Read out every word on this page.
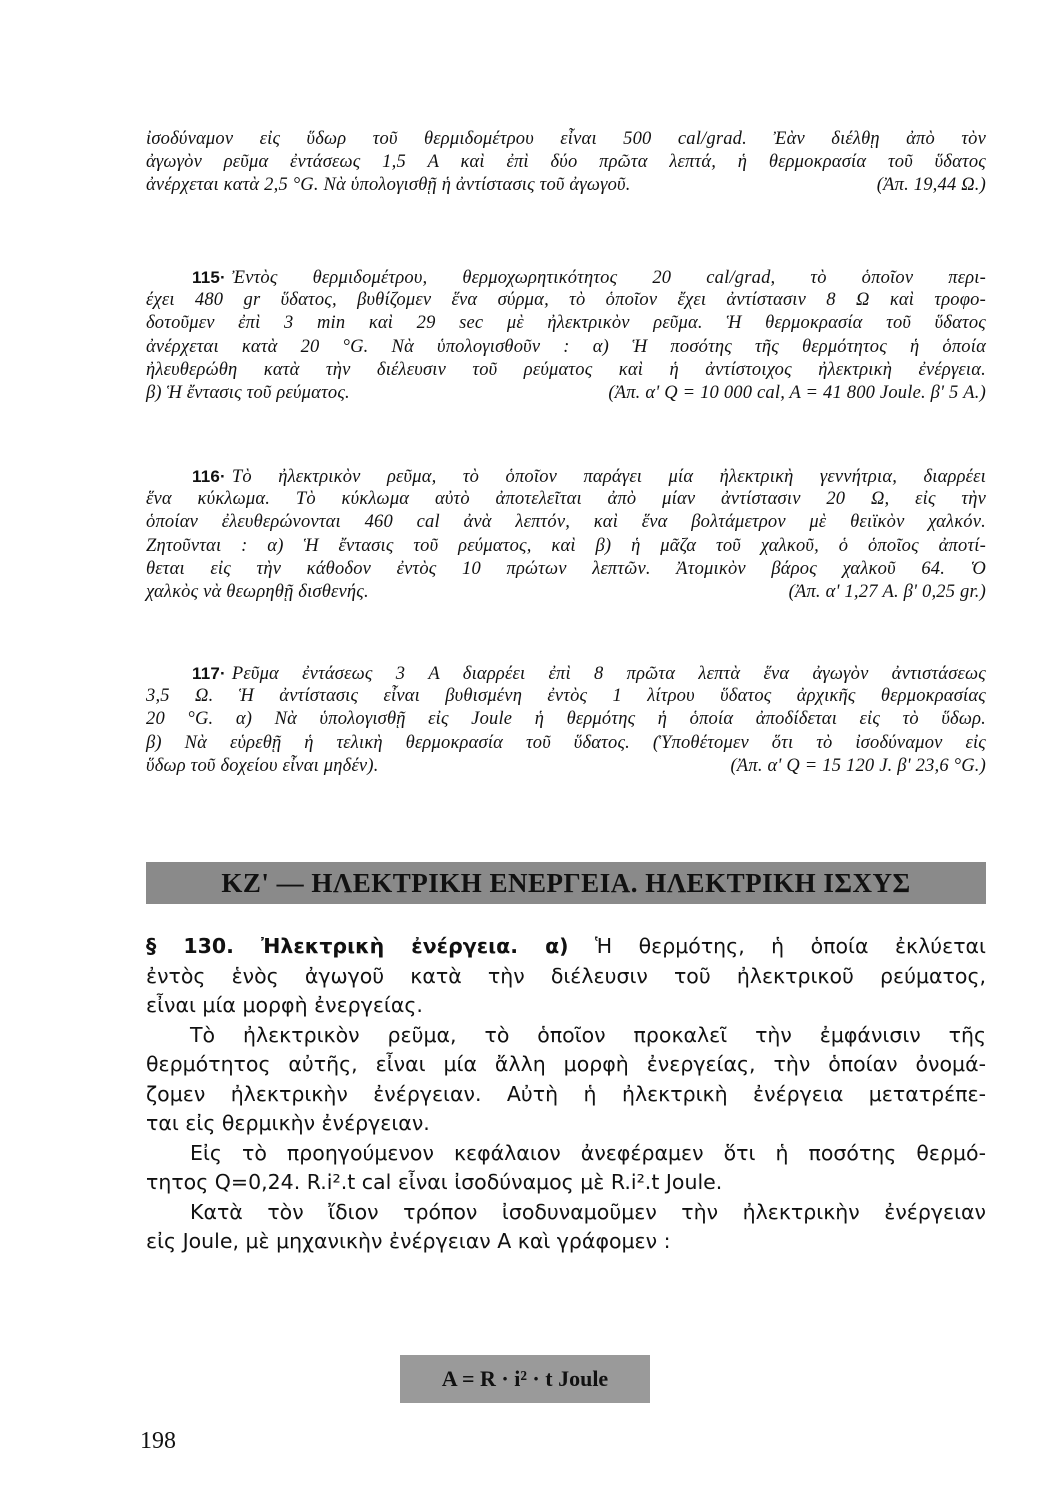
ἰσοδύναμον εἰς ὕδωρ τοῦ θερμιδομέτρου εἶναι 500 cal/grad. Ἐὰν διέλθῃ ἀπὸ τὸν
ἀγωγὸν ρεῦμα ἐντάσεως 1,5 A καὶ ἐπὶ δύο πρῶτα λεπτά, ἡ θερμοκρασία τοῦ ὕδατος
ἀνέρχεται κατὰ 2,5 °G. Νὰ ὑπολογισθῇ ἡ ἀντίστασις τοῦ ἀγωγοῦ.	(Ἀπ. 19,44 Ω.)
115· Ἐντὸς θερμιδομέτρου, θερμοχωρητικότητος 20 cal/grad, τὸ ὁποῖον περι-
έχει 480 gr ὕδατος, βυθίζομεν ἕνα σύρμα, τὸ ὁποῖον ἔχει ἀντίστασιν 8 Ω καὶ τροφο-
δοτοῦμεν ἐπὶ 3 min καὶ 29 sec μὲ ἠλεκτρικὸν ρεῦμα. Ἡ θερμοκρασία τοῦ ὕδατος
ἀνέρχεται κατὰ 20 °G. Νὰ ὑπολογισθοῦν : α) Ἡ ποσότης τῆς θερμότητος ἡ ὁποία
ἠλευθερώθη κατὰ τὴν διέλευσιν τοῦ ρεύματος καὶ ἡ ἀντίστοιχος ἠλεκτρικὴ ἐνέργεια.
β) Ἡ ἔντασις τοῦ ρεύματος.	(Ἀπ. α' Q = 10 000 cal, A = 41 800 Joule. β' 5 A.)
116· Τὸ ἠλεκτρικὸν ρεῦμα, τὸ ὁποῖον παράγει μία ἠλεκτρικὴ γεννήτρια, διαρρέει
ἕνα κύκλωμα. Τὸ κύκλωμα αὐτὸ ἀποτελεῖται ἀπὸ μίαν ἀντίστασιν 20 Ω, εἰς τὴν
ὁποίαν ἐλευθερώνονται 460 cal ἀνὰ λεπτόν, καὶ ἕνα βολτάμετρον μὲ θειϊκὸν χαλκόν.
Ζητοῦνται : α) Ἡ ἔντασις τοῦ ρεύματος, καὶ β) ἡ μᾶζα τοῦ χαλκοῦ, ὁ ὁποῖος ἀποτί-
θεται εἰς τὴν κάθοδον ἐντὸς 10 πρώτων λεπτῶν. Ἀτομικὸν βάρος χαλκοῦ 64. Ὁ
χαλκὸς νὰ θεωρηθῇ δισθενής.	(Ἀπ. α' 1,27 A. β' 0,25 gr.)
117· Ρεῦμα ἐντάσεως 3 A διαρρέει ἐπὶ 8 πρῶτα λεπτὰ ἕνα ἀγωγὸν ἀντιστάσεως
3,5 Ω. Ἡ ἀντίστασις εἶναι βυθισμένη ἐντὸς 1 λίτρου ὕδατος ἀρχικῆς θερμοκρασίας
20 °G. α) Νὰ ὑπολογισθῇ εἰς Joule ἡ θερμότης ἡ ὁποία ἀποδίδεται εἰς τὸ ὕδωρ.
β) Νὰ εὑρεθῇ ἡ τελικὴ θερμοκρασία τοῦ ὕδατος. (Ὑποθέτομεν ὅτι τὸ ἰσοδύναμον εἰς
ὕδωρ τοῦ δοχείου εἶναι μηδέν).	(Ἀπ. α' Q = 15 120 J. β' 23,6 °G.)
ΚΖ' — ΗΛΕΚΤΡΙΚΗ ΕΝΕΡΓΕΙΑ. ΗΛΕΚΤΡΙΚΗ ΙΣΧΥΣ
§ 130. Ἠλεκτρικὴ ἐνέργεια. α) Ἡ θερμότης, ἡ ὁποία ἐκλύεται
ἐντὸς ἑνὸς ἀγωγοῦ κατὰ τὴν διέλευσιν τοῦ ἠλεκτρικοῦ ρεύματος,
εἶναι μία μορφὴ ἐνεργείας.
Τὸ ἠλεκτρικὸν ρεῦμα, τὸ ὁποῖον προκαλεῖ τὴν ἐμφάνισιν τῆς
θερμότητος αὐτῆς, εἶναι μία ἄλλη μορφὴ ἐνεργείας, τὴν ὁποίαν ὀνομά-
ζομεν ἠλεκτρικὴν ἐνέργειαν. Αὐτὴ ἡ ἠλεκτρικὴ ἐνέργεια μετατρέπε-
ται εἰς θερμικὴν ἐνέργειαν.
Εἰς τὸ προηγούμενον κεφάλαιον ἀνεφέραμεν ὅτι ἡ ποσότης θερμό-
τητος Q=0,24. R.i².t cal εἶναι ἰσοδύναμος μὲ R.i².t Joule.
Κατὰ τὸν ἴδιον τρόπον ἰσοδυναμοῦμεν τὴν ἠλεκτρικὴν ἐνέργειαν
εἰς Joule, μὲ μηχανικὴν ἐνέργειαν A καὶ γράφομεν :
A = R · i² · t Joule
198
